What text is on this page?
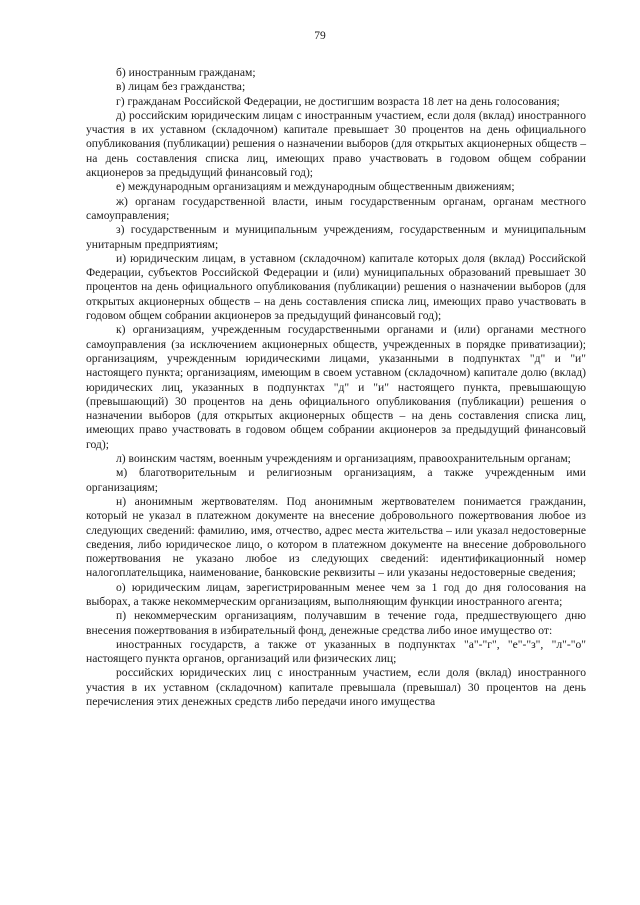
79

б) иностранным гражданам;

в) лицам без гражданства;

г) гражданам Российской Федерации, не достигшим возраста 18 лет на день голосования;

д) российским юридическим лицам с иностранным участием, если доля (вклад) иностранного участия в их уставном (складочном) капитале превышает 30 процентов на день официального опубликования (публикации) решения о назначении выборов (для открытых акционерных обществ – на день составления списка лиц, имеющих право участвовать в годовом общем собрании акционеров за предыдущий финансовый год);

е) международным организациям и международным общественным движениям;

ж) органам государственной власти, иным государственным органам, органам местного самоуправления;

з) государственным и муниципальным учреждениям, государственным и муниципальным унитарным предприятиям;

и) юридическим лицам, в уставном (складочном) капитале которых доля (вклад) Российской Федерации, субъектов Российской Федерации и (или) муниципальных образований превышает 30 процентов на день официального опубликования (публикации) решения о назначении выборов (для открытых акционерных обществ – на день составления списка лиц, имеющих право участвовать в годовом общем собрании акционеров за предыдущий финансовый год);

к) организациям, учрежденным государственными органами и (или) органами местного самоуправления (за исключением акционерных обществ, учрежденных в порядке приватизации); организациям, учрежденным юридическими лицами, указанными в подпунктах "д" и "и" настоящего пункта; организациям, имеющим в своем уставном (складочном) капитале долю (вклад) юридических лиц, указанных в подпунктах "д" и "и" настоящего пункта, превышающую (превышающий) 30 процентов на день официального опубликования (публикации) решения о назначении выборов (для открытых акционерных обществ – на день составления списка лиц, имеющих право участвовать в годовом общем собрании акционеров за предыдущий финансовый год);

л) воинским частям, военным учреждениям и организациям, правоохранительным органам;

м) благотворительным и религиозным организациям, а также учрежденным ими организациям;

н) анонимным жертвователям. Под анонимным жертвователем понимается гражданин, который не указал в платежном документе на внесение добровольного пожертвования любое из следующих сведений: фамилию, имя, отчество, адрес места жительства – или указал недостоверные сведения, либо юридическое лицо, о котором в платежном документе на внесение добровольного пожертвования не указано любое из следующих сведений: идентификационный номер налогоплательщика, наименование, банковские реквизиты – или указаны недостоверные сведения;

о) юридическим лицам, зарегистрированным менее чем за 1 год до дня голосования на выборах, а также некоммерческим организациям, выполняющим функции иностранного агента;

п) некоммерческим организациям, получавшим в течение года, предшествующего дню внесения пожертвования в избирательный фонд, денежные средства либо иное имущество от:

иностранных государств, а также от указанных в подпунктах "а"-"г", "е"-"з", "л"-"о" настоящего пункта органов, организаций или физических лиц;

российских юридических лиц с иностранным участием, если доля (вклад) иностранного участия в их уставном (складочном) капитале превышала (превышал) 30 процентов на день перечисления этих денежных средств либо передачи иного имущества
